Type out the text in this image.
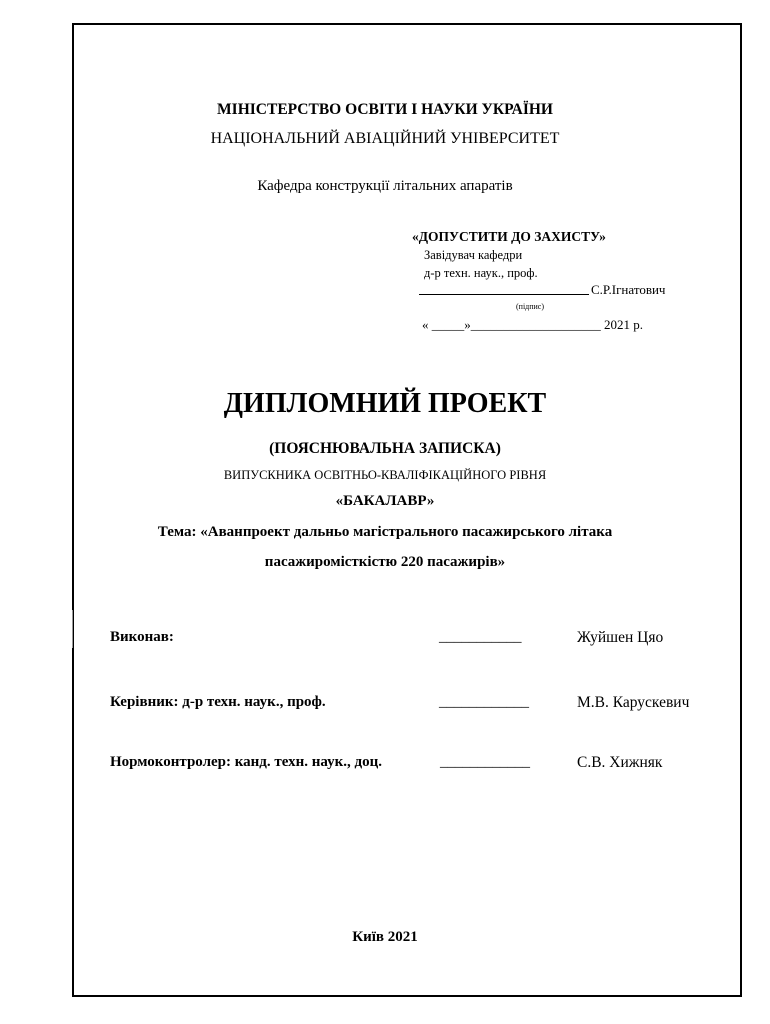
МІНІСТЕРСТВО ОСВІТИ І НАУКИ УКРАЇНИ
НАЦІОНАЛЬНИЙ АВІАЦІЙНИЙ УНІВЕРСИТЕТ
Кафедра конструкції літальних апаратів
«ДОПУСТИТИ ДО ЗАХИСТУ»
Завідувач кафедри
д-р техн. наук., проф.
С.Р.Ігнатович
(підпис)
« _____»____________________ 2021 р.
ДИПЛОМНИЙ ПРОЕКТ
(ПОЯСНЮВАЛЬНА ЗАПИСКА)
ВИПУСКНИКА ОСВІТНЬО-КВАЛІФІКАЦІЙНОГО РІВНЯ
«БАКАЛАВР»
Тема: «Аванпроект дальньо магістрального пасажирського літака
пасажиромісткістю 220 пасажирів»
Виконав:	___________	Жуйшен Цяо
Керівник: д-р техн. наук., проф.	____________	М.В. Карускевич
Нормоконтролер: канд. техн. наук., доц.	____________	С.В. Хижняк
Київ 2021
